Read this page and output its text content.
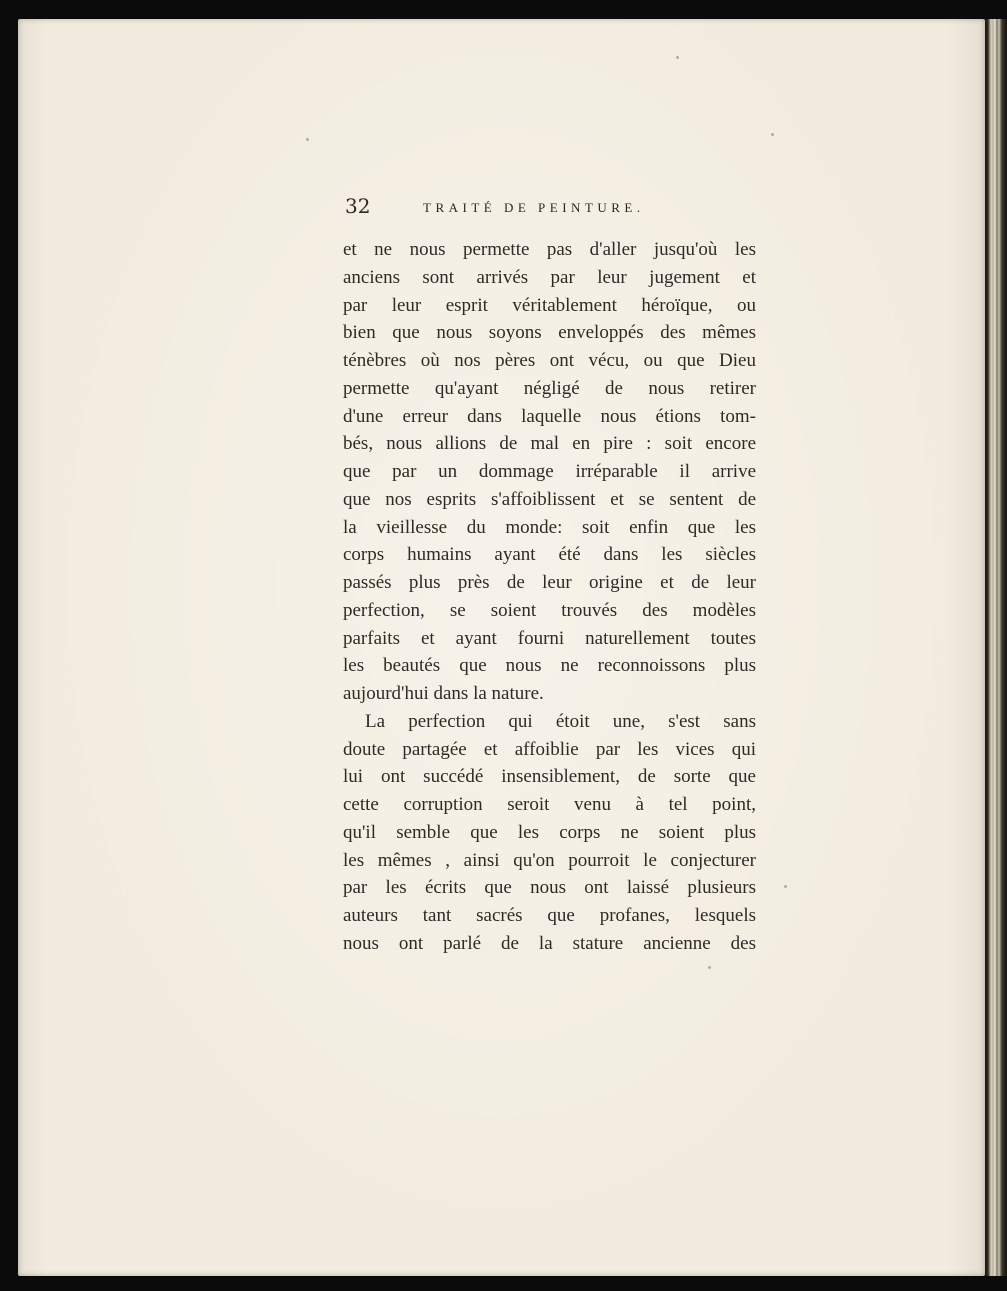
32	TRAITÉ DE PEINTURE.
et ne nous permette pas d'aller jusqu'où les
anciens sont arrivés par leur jugement et
par leur esprit véritablement héroïque, ou
bien que nous soyons enveloppés des mêmes
ténèbres où nos pères ont vécu, ou que Dieu
permette qu'ayant négligé de nous retirer
d'une erreur dans laquelle nous étions tom-
bés, nous allions de mal en pire : soit encore
que par un dommage irréparable il arrive
que nos esprits s'affoiblissent et se sentent de
la vieillesse du monde: soit enfin que les
corps humains ayant été dans les siècles
passés plus près de leur origine et de leur
perfection, se soient trouvés des modèles
parfaits et ayant fourni naturellement toutes
les beautés que nous ne reconnoissons plus
aujourd'hui dans la nature.
La perfection qui étoit une, s'est sans
doute partagée et affoiblie par les vices qui
lui ont succédé insensiblement, de sorte que
cette corruption seroit venu à tel point,
qu'il semble que les corps ne soient plus
les mêmes , ainsi qu'on pourroit le conjecturer
par les écrits que nous ont laissé plusieurs
auteurs tant sacrés que profanes, lesquels
nous ont parlé de la stature ancienne des
